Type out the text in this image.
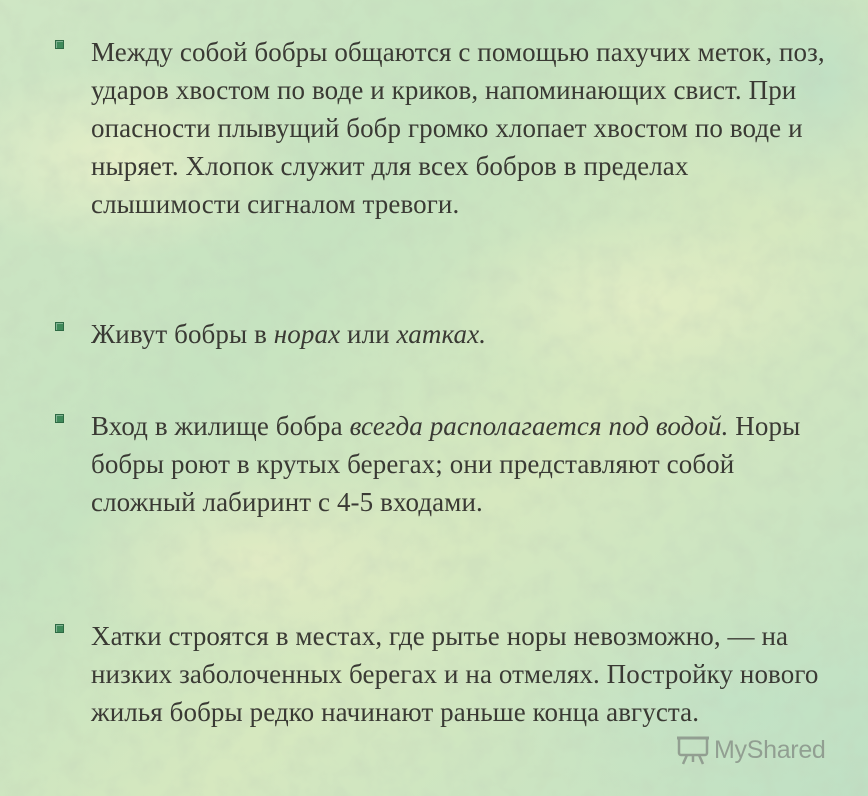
Между собой бобры общаются с помощью пахучих меток, поз, ударов хвостом по воде и криков, напоминающих свист. При опасности плывущий бобр громко хлопает хвостом по воде и ныряет. Хлопок служит для всех бобров в пределах слышимости сигналом тревоги.
Живут бобры в норах или хатках.
Вход в жилище бобра всегда располагается под водой. Норы бобры роют в крутых берегах; они представляют собой сложный лабиринт с 4-5 входами.
Хатки строятся в местах, где рытье норы невозможно, — на низких заболоченных берегах и на отмелях. Постройку нового жилья бобры редко начинают раньше конца августа.
MyShared
